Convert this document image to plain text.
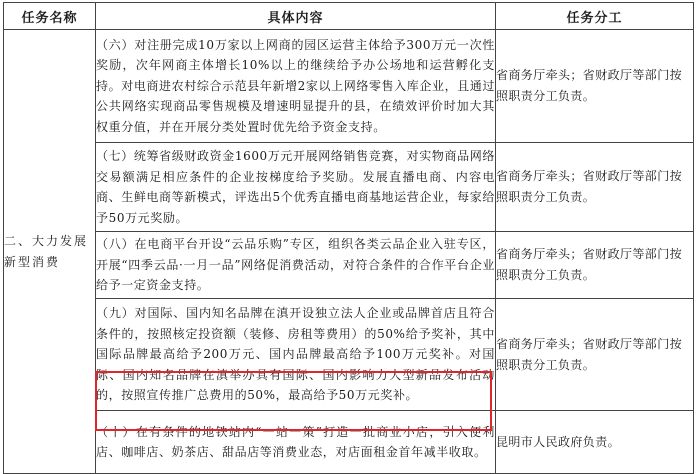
任务名称	具体内容	任务分工

二、大力发展新型消费	（六）对注册完成10万家以上网商的园区运营主体给予300万元一次性奖励，次年网商主体增长10%以上的继续给予办公场地和运营孵化支持。对电商进农村综合示范县年新增2家以上网络零售入库企业，且通过公共网络实现商品零售规模及增速明显提升的县，在绩效评价时加大其权重分值，并在开展分类处置时优先给予资金支持。	省商务厅牵头；省财政厅等部门按照职责分工负责。

	（七）统筹省级财政资金1600万元开展网络销售竞赛，对实物商品网络交易额满足相应条件的企业按梯度给予奖励。发展直播电商、内容电商、生鲜电商等新模式，评选出5个优秀直播电商基地运营企业，每家给予50万元奖励。	省商务厅牵头；省财政厅等部门按照职责分工负责。

	（八）在电商平台开设“云品乐购”专区，组织各类云品企业入驻专区，开展“四季云品·一月一品”网络促消费活动，对符合条件的合作平台企业给予一定资金支持。	省商务厅牵头；省财政厅等部门按照职责分工负责。

	（九）对国际、国内知名品牌在滇开设独立法人企业或品牌首店且符合条件的，按照核定投资额（装修、房租等费用）的50%给予奖补，其中国际品牌最高给予200万元、国内品牌最高给予100万元奖补。对国际、国内知名品牌在滇举办具有国际、国内影响力大型新品发布活动的，按照宣传推广总费用的50%，最高给予50万元奖补。	省商务厅牵头；省财政厅等部门按照职责分工负责。

	（十）在有条件的地铁站内“一站一策”打造一批商业小店，引入便利店、咖啡店、奶茶店、甜品店等消费业态，对店面租金首年减半收取。	昆明市人民政府负责。
